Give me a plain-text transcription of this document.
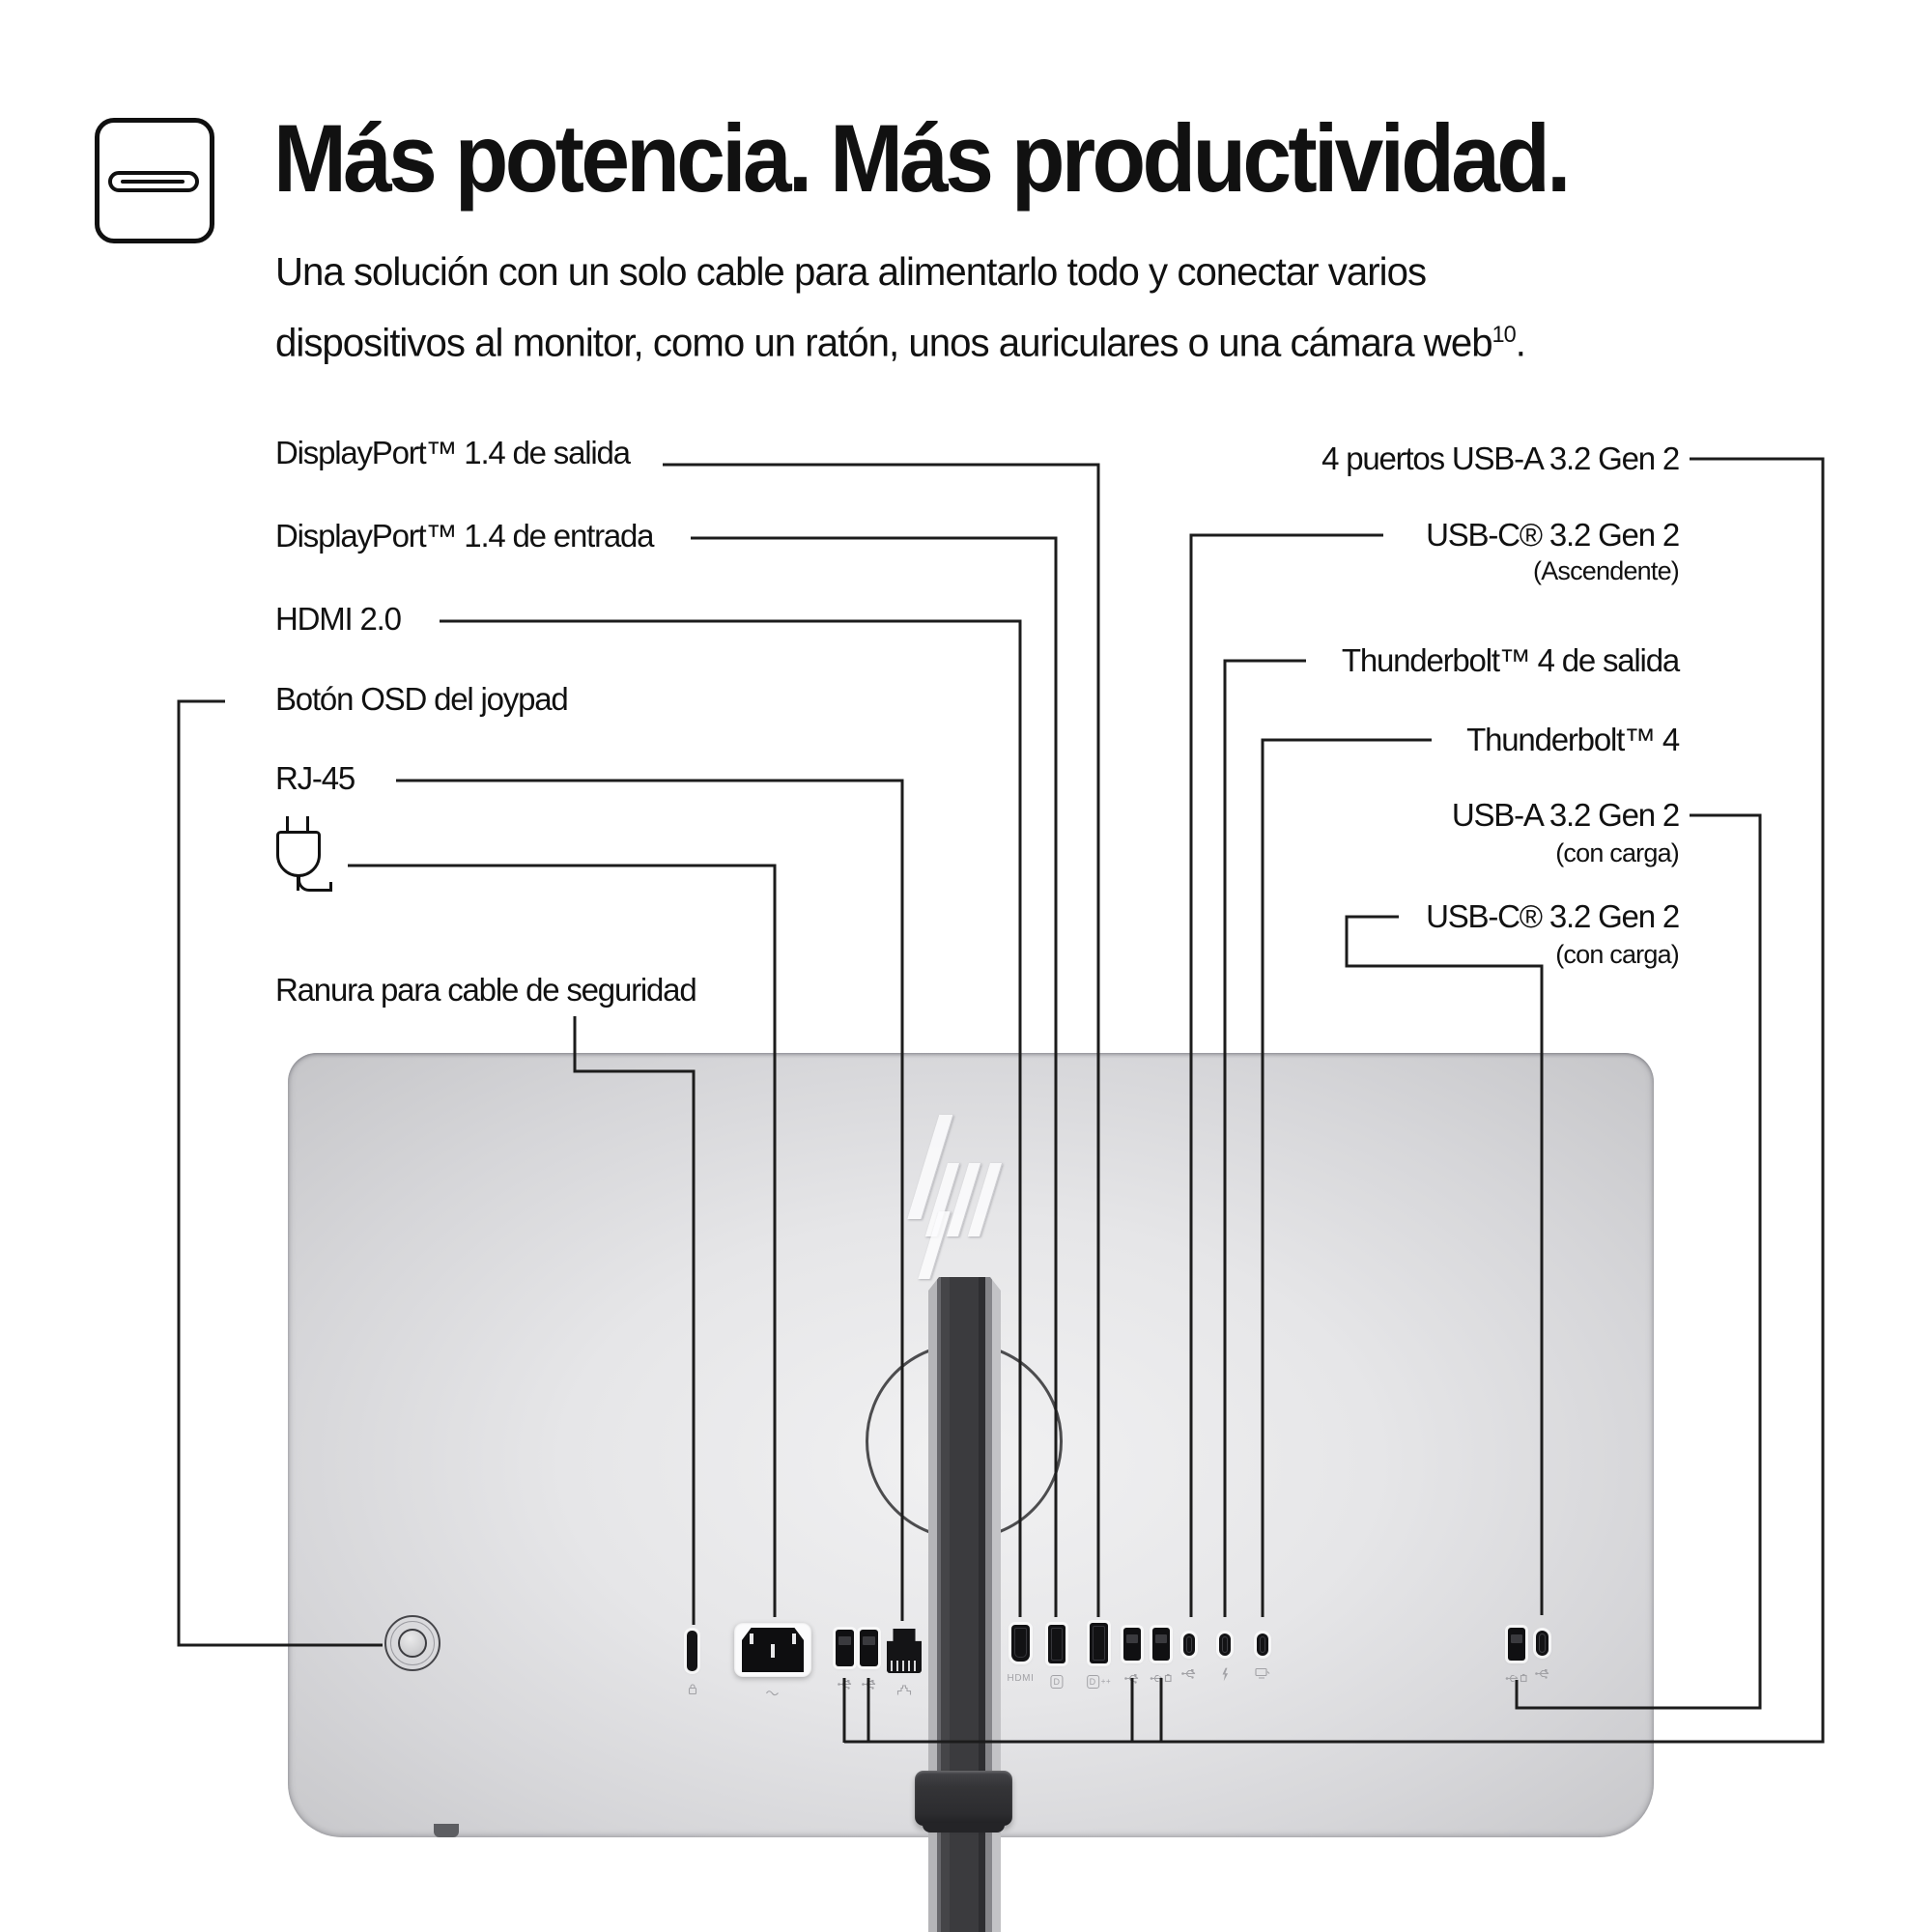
Más potencia. Más productividad.
Una solución con un solo cable para alimentarlo todo y conectar varios
dispositivos al monitor, como un ratón, unos auriculares o una cámara web$^{10}$.
HDMI	D	D ++
DisplayPort™ 1.4 de salida
DisplayPort™ 1.4 de entrada
HDMI 2.0
Botón OSD del joypad
RJ-45
Ranura para cable de seguridad
4 puertos USB-A 3.2 Gen 2
USB-C® 3.2 Gen 2
(Ascendente)
Thunderbolt™ 4 de salida
Thunderbolt™ 4
USB-A 3.2 Gen 2
(con carga)
USB-C® 3.2 Gen 2
(con carga)
